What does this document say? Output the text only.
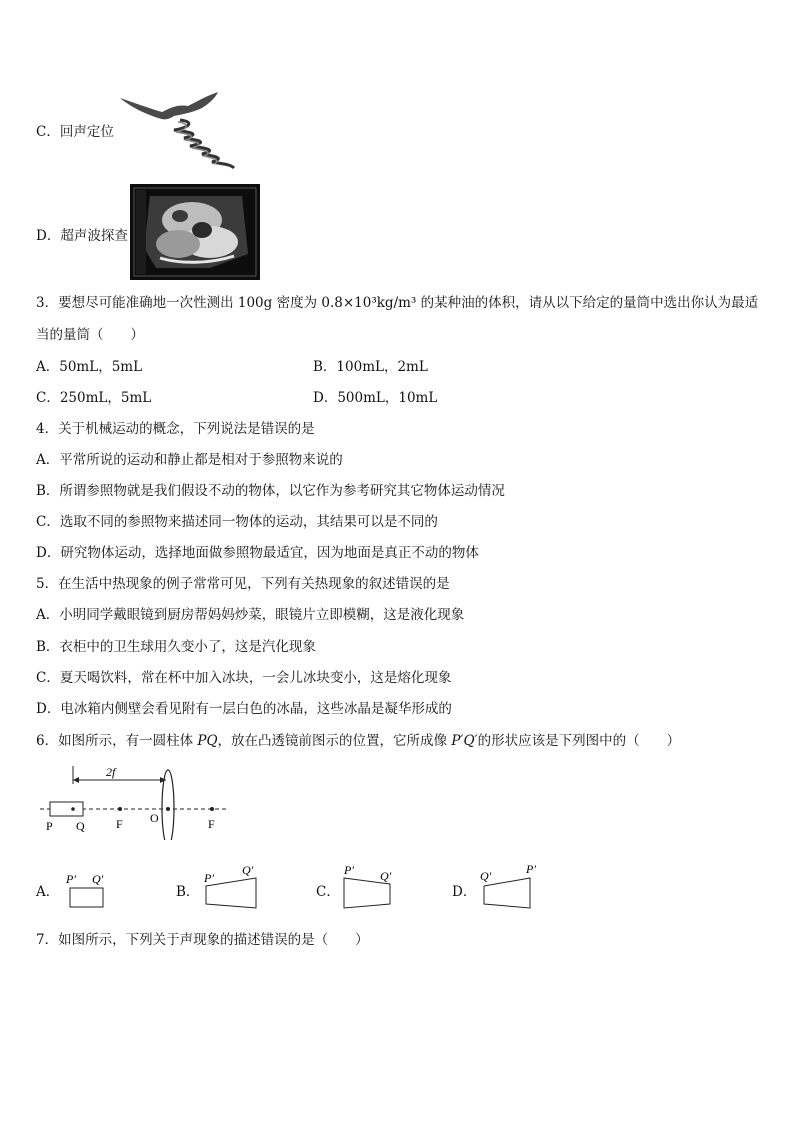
C．回声定位
D．超声波探查
3．要想尽可能准确地一次性测出 100g 密度为 0.8×10³kg/m³ 的某种油的体积，请从以下给定的量筒中选出你认为最适
当的量筒（　　）
A．50mL，5mL	B．100mL，2mL
C．250mL，5mL	D．500mL，10mL
4．关于机械运动的概念，下列说法是错误的是
A．平常所说的运动和静止都是相对于参照物来说的
B．所谓参照物就是我们假设不动的物体，以它作为参考研究其它物体运动情况
C．选取不同的参照物来描述同一物体的运动，其结果可以是不同的
D．研究物体运动，选择地面做参照物最适宜，因为地面是真正不动的物体
5．在生活中热现象的例子常常可见，下列有关热现象的叙述错误的是
A．小明同学戴眼镜到厨房帮妈妈炒菜，眼镜片立即模糊，这是液化现象
B．衣柜中的卫生球用久变小了，这是汽化现象
C．夏天喝饮料，常在杯中加入冰块，一会儿冰块变小，这是熔化现象
D．电冰箱内侧壁会看见附有一层白色的冰晶，这些冰晶是凝华形成的
6．如图所示，有一圆柱体 PQ，放在凸透镜前图示的位置，它所成像 P′Q′的形状应该是下列图中的（　　）
2f
P Q	F O	F
A．
P′ Q′
B．
P′
Q′
C．
P′ Q′
D．
Q′	P′
7．如图所示，下列关于声现象的描述错误的是（　　）
